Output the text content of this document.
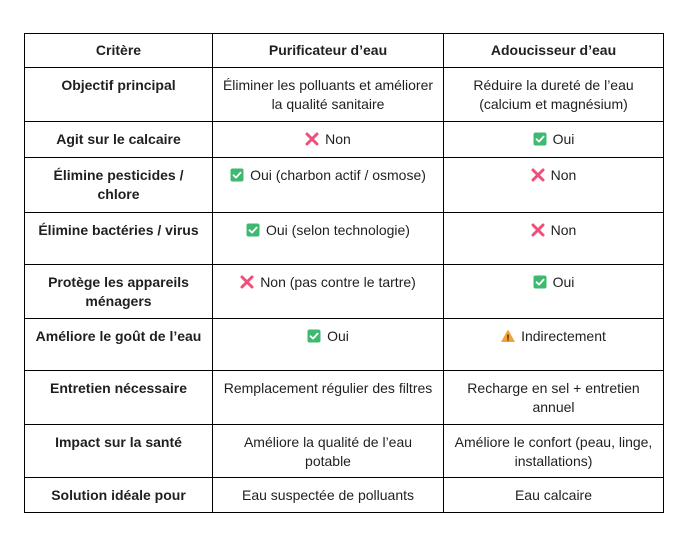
Critère	Purificateur d’eau	Adoucisseur d’eau
Objectif principal	Éliminer les polluants et améliorer la qualité sanitaire	Réduire la dureté de l’eau (calcium et magnésium)
Agit sur le calcaire	Non	Oui
Élimine pesticides / chlore	Oui (charbon actif / osmose)	Non
Élimine bactéries / virus	Oui (selon technologie)	Non
Protège les appareils ménagers	Non (pas contre le tartre)	Oui
Améliore le goût de l’eau	Oui	Indirectement
Entretien nécessaire	Remplacement régulier des filtres	Recharge en sel + entretien annuel
Impact sur la santé	Améliore la qualité de l’eau potable	Améliore le confort (peau, linge, installations)
Solution idéale pour	Eau suspectée de polluants	Eau calcaire
